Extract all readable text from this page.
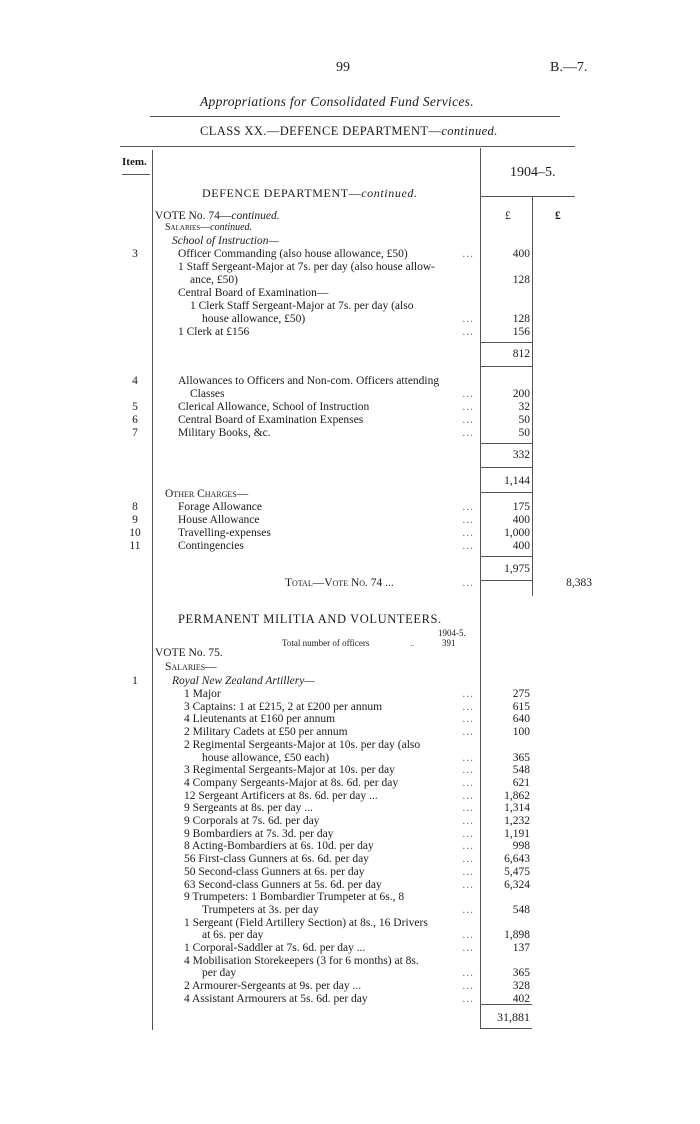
99	B.—7.
Appropriations for Consolidated Fund Services.
CLASS XX.—DEFENCE DEPARTMENT—continued.
Item.
1904–5.
DEFENCE DEPARTMENT—continued.
VOTE No. 74—continued.	£	£
Salaries—continued.
School of Instruction—
3	Officer Commanding (also house allowance, £50)	...	400
1 Staff Sergeant-Major at 7s. per day (also house allow-
ance, £50)	128
Central Board of Examination—
1 Clerk Staff Sergeant-Major at 7s. per day (also
house allowance, £50)	...	128
1 Clerk at £156	...	156
812
4	Allowances to Officers and Non-com. Officers attending
Classes	...	200
5	Clerical Allowance, School of Instruction	...	32
6	Central Board of Examination Expenses	...	50
7	Military Books, &c.	...	50
332
1,144
Other Charges—
8	Forage Allowance	...	175
9	House Allowance	...	400
10	Travelling-expenses	...	1,000
11	Contingencies	...	400
1,975
Total—Vote No. 74 ...	...	8,383
PERMANENT MILITIA AND VOLUNTEERS.
1904-5.
Total number of officers	..	391
VOTE No. 75.
Salaries—
1	Royal New Zealand Artillery—
1 Major	...	275
3 Captains: 1 at £215, 2 at £200 per annum	...	615
4 Lieutenants at £160 per annum	...	640
2 Military Cadets at £50 per annum	...	100
2 Regimental Sergeants-Major at 10s. per day (also
house allowance, £50 each)	...	365
3 Regimental Sergeants-Major at 10s. per day	...	548
4 Company Sergeants-Major at 8s. 6d. per day	...	621
12 Sergeant Artificers at 8s. 6d. per day ...	...	1,862
9 Sergeants at 8s. per day ...	...	1,314
9 Corporals at 7s. 6d. per day	...	1,232
9 Bombardiers at 7s. 3d. per day	...	1,191
8 Acting-Bombardiers at 6s. 10d. per day	...	998
56 First-class Gunners at 6s. 6d. per day	...	6,643
50 Second-class Gunners at 6s. per day	...	5,475
63 Second-class Gunners at 5s. 6d. per day	...	6,324
9 Trumpeters: 1 Bombardier Trumpeter at 6s., 8
Trumpeters at 3s. per day	...	548
1 Sergeant (Field Artillery Section) at 8s., 16 Drivers
at 6s. per day	...	1,898
1 Corporal-Saddler at 7s. 6d. per day ...	...	137
4 Mobilisation Storekeepers (3 for 6 months) at 8s.
per day	...	365
2 Armourer-Sergeants at 9s. per day ...	...	328
4 Assistant Armourers at 5s. 6d. per day	...	402
31,881
